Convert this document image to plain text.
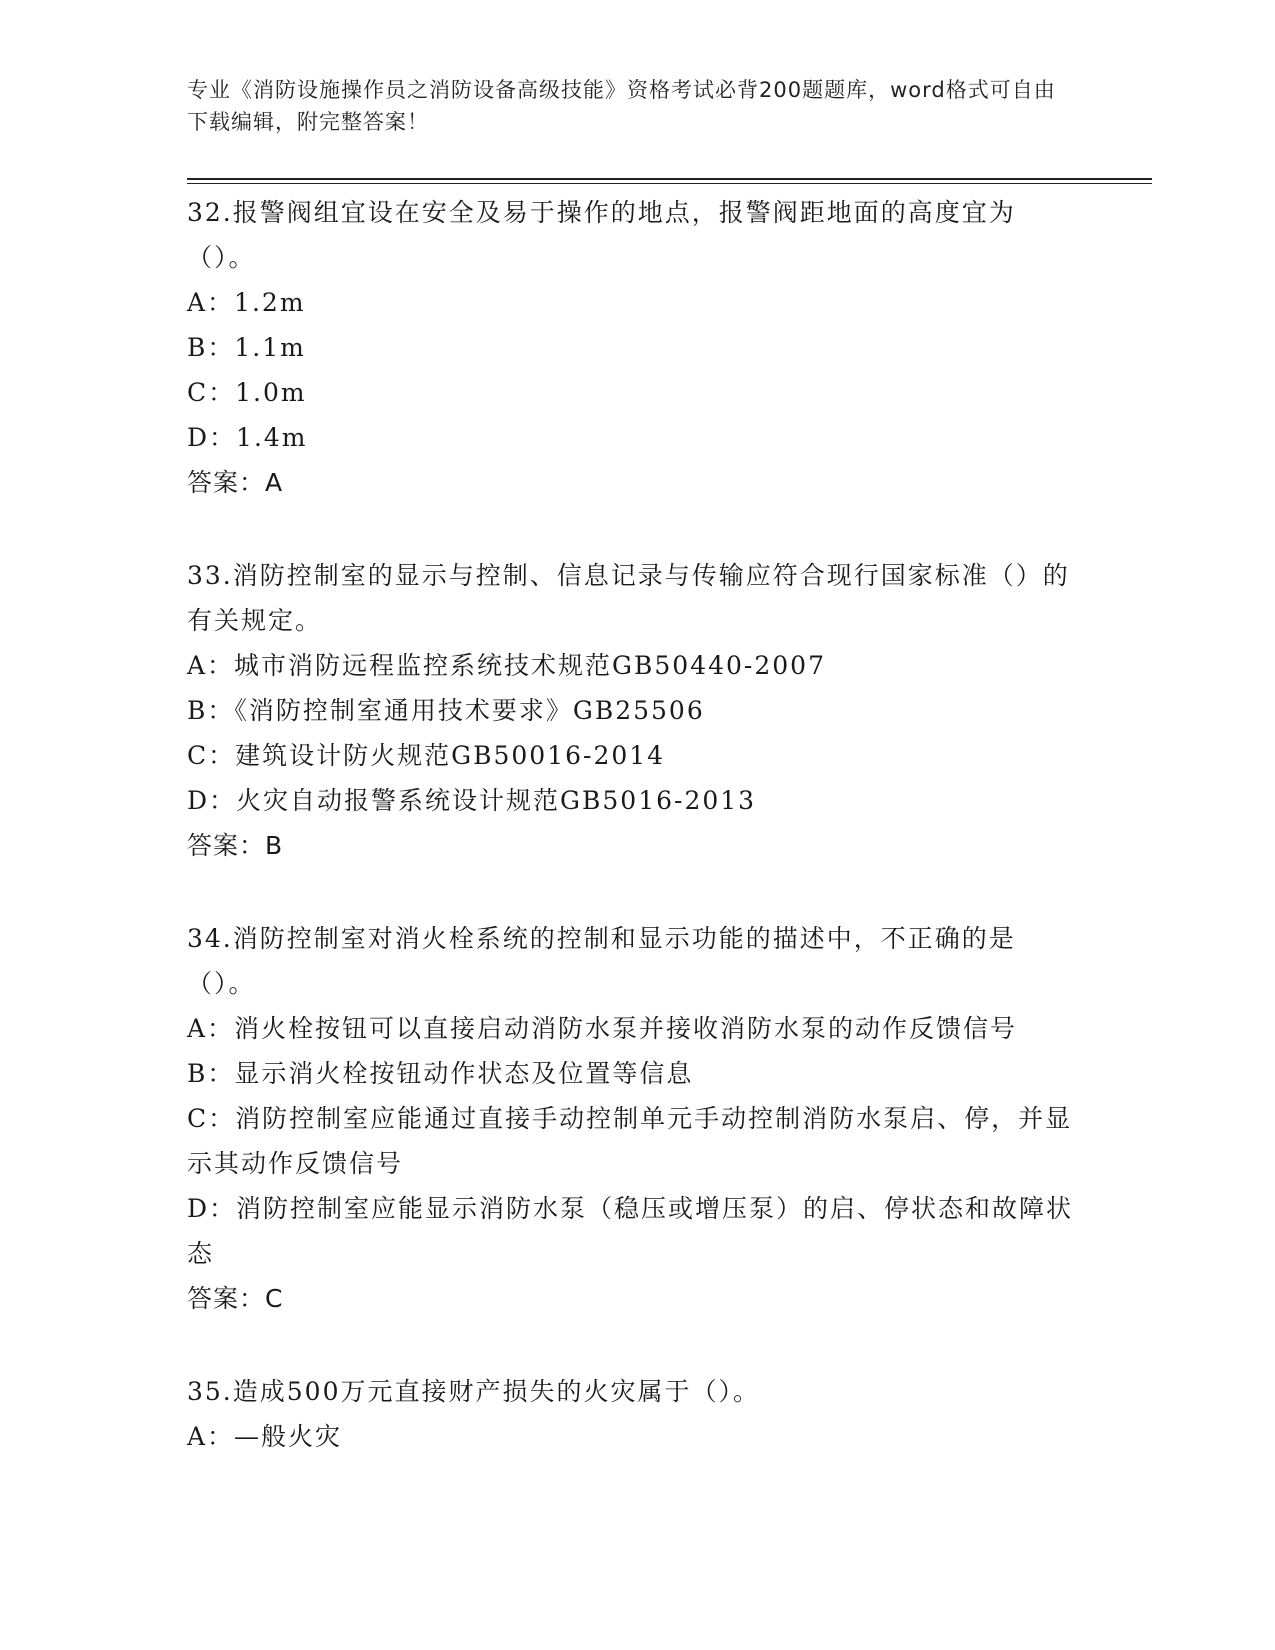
专业《消防设施操作员之消防设备高级技能》资格考试必背200题题库，word格式可自由下载编辑，附完整答案！
32.报警阀组宜设在安全及易于操作的地点，报警阀距地面的高度宜为（）。
A：1.2m
B：1.1m
C：1.0m
D：1.4m
答案：A
33.消防控制室的显示与控制、信息记录与传输应符合现行国家标准（）的有关规定。
A：城市消防远程监控系统技术规范GB50440-2007
B：《消防控制室通用技术要求》GB25506
C：建筑设计防火规范GB50016-2014
D：火灾自动报警系统设计规范GB5016-2013
答案：B
34.消防控制室对消火栓系统的控制和显示功能的描述中，不正确的是（）。
A：消火栓按钮可以直接启动消防水泵并接收消防水泵的动作反馈信号
B：显示消火栓按钮动作状态及位置等信息
C：消防控制室应能通过直接手动控制单元手动控制消防水泵启、停，并显示其动作反馈信号
D：消防控制室应能显示消防水泵（稳压或增压泵）的启、停状态和故障状态
答案：C
35.造成500万元直接财产损失的火灾属于（）。
A：—般火灾
